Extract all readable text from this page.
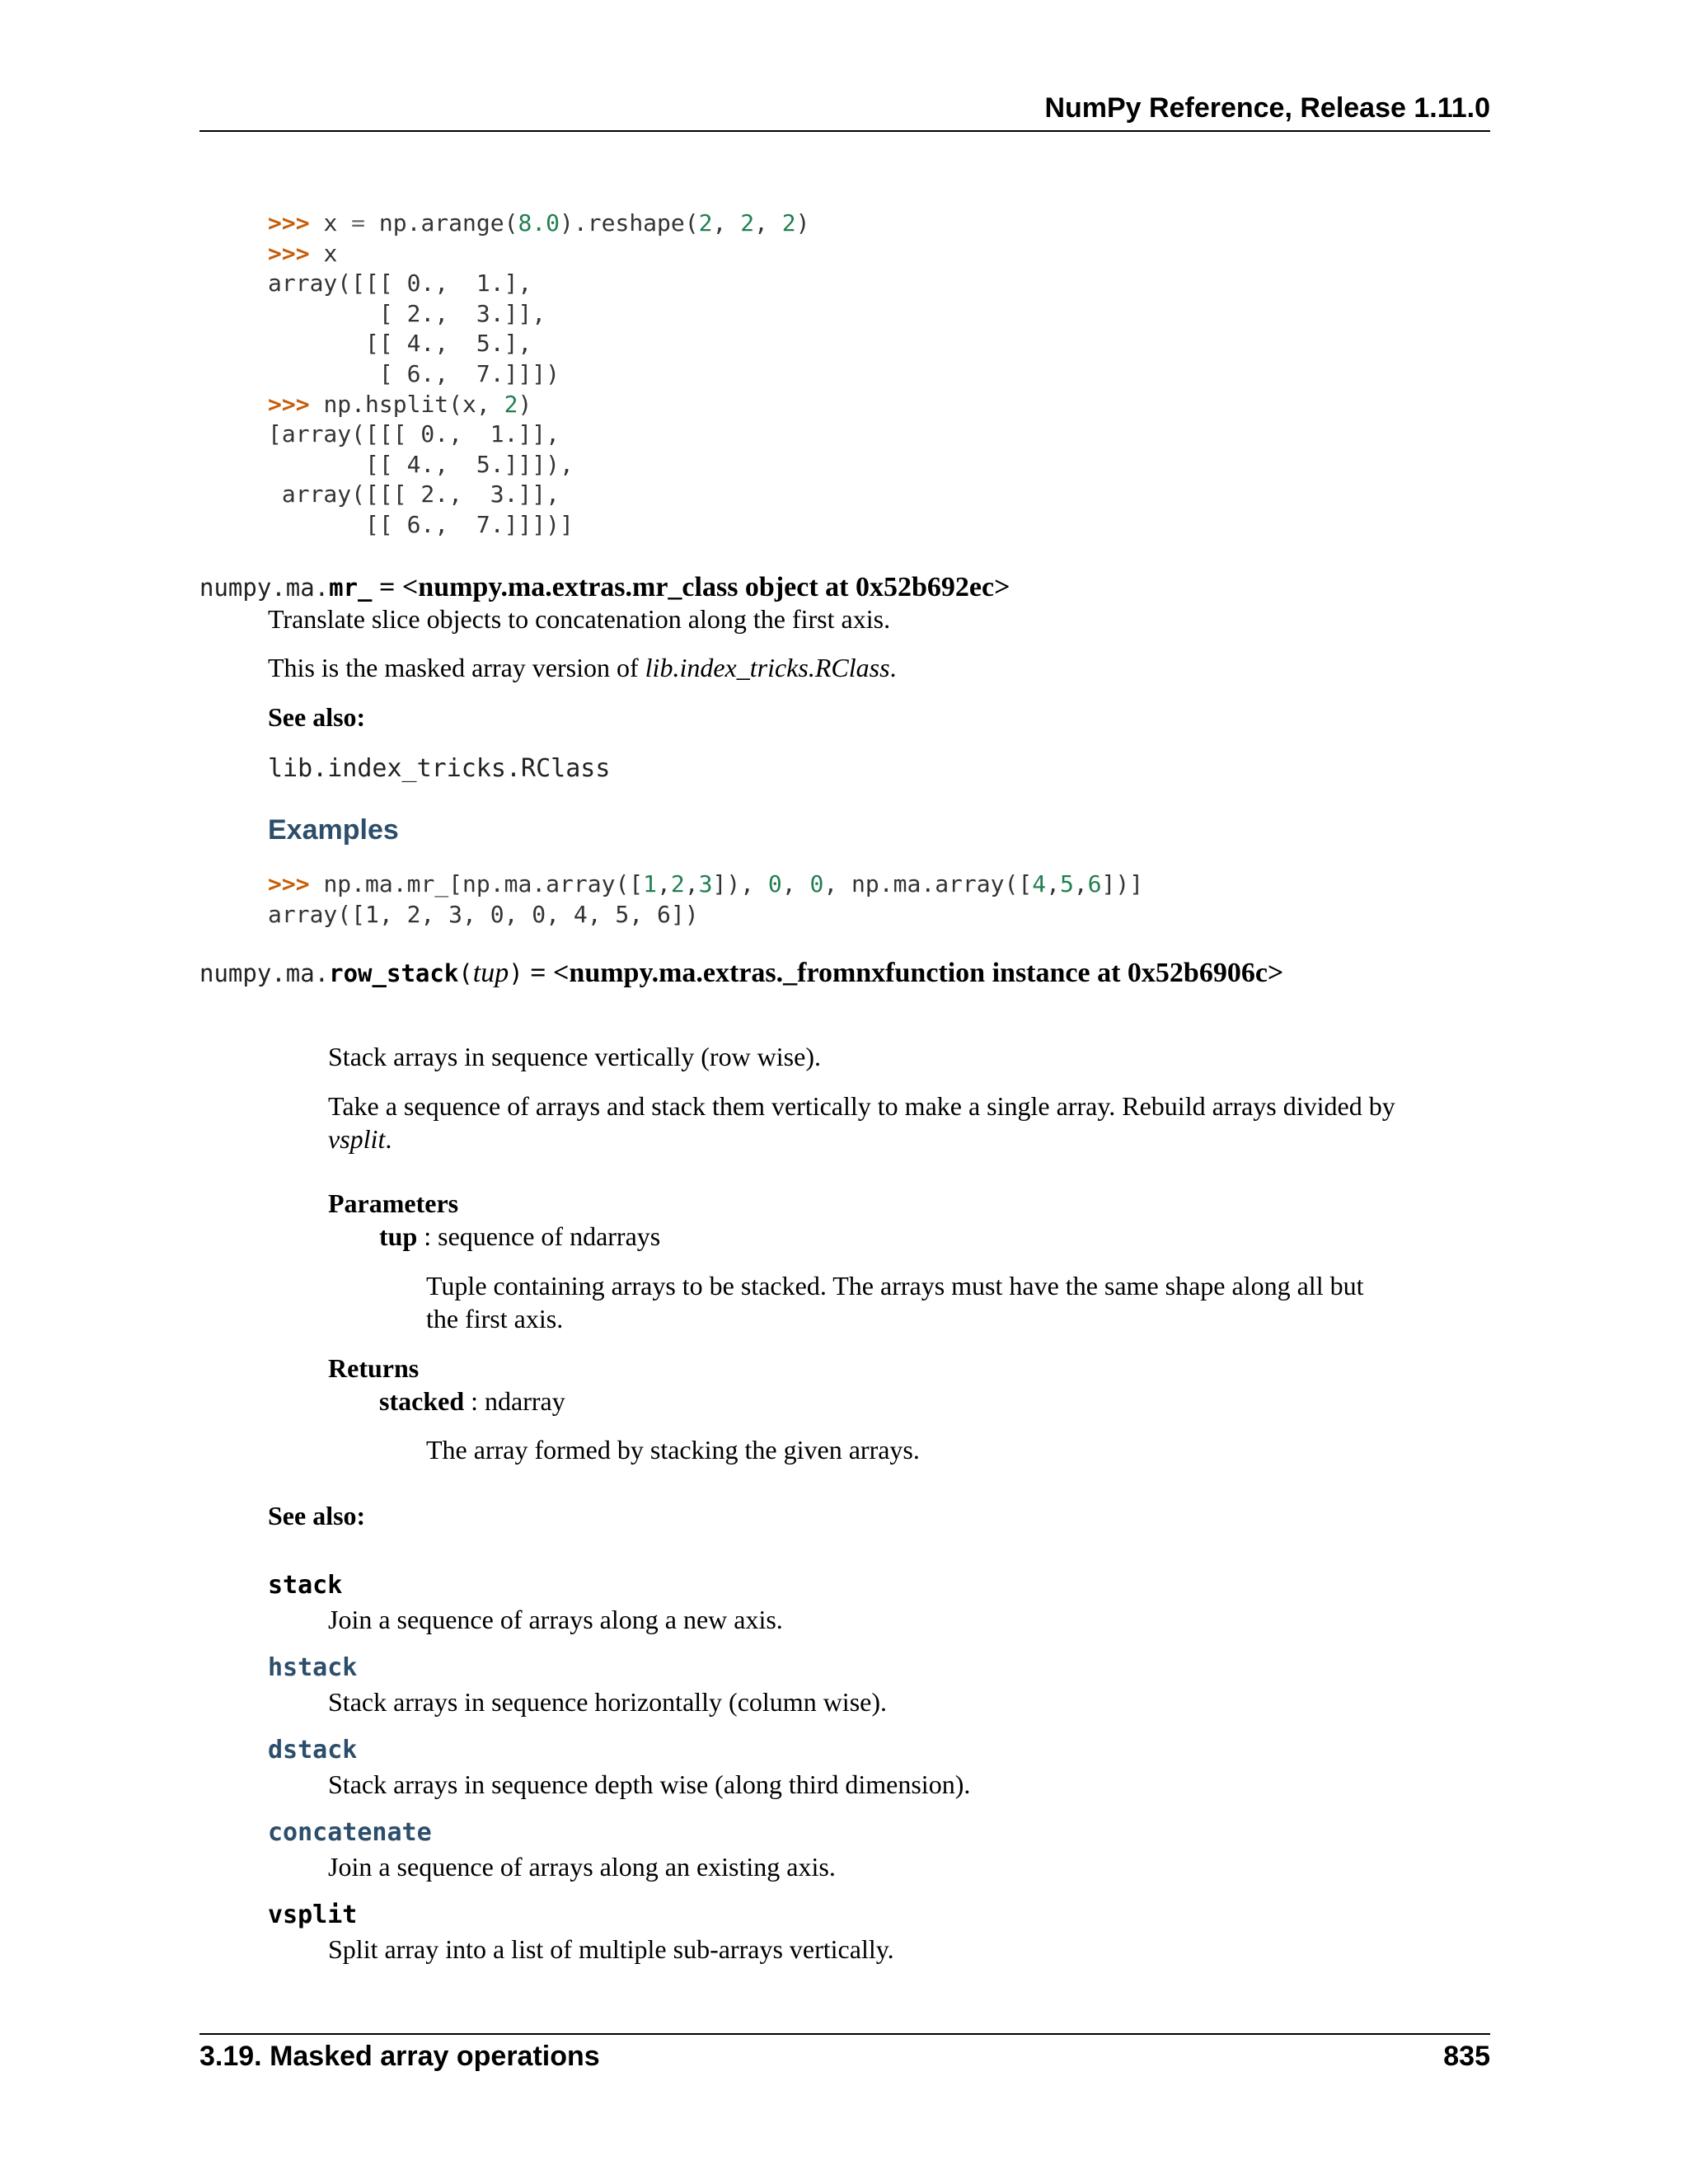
NumPy Reference, Release 1.11.0
>>> x = np.arange(8.0).reshape(2, 2, 2)
>>> x
array([[[ 0.,  1.],
[ 2.,  3.]],
[[ 4.,  5.],
[ 6.,  7.]]])
>>> np.hsplit(x, 2)
[array([[[ 0.,  1.]],
[[ 4.,  5.]]]),
array([[[ 2.,  3.]],
[[ 6.,  7.]]])]
numpy.ma.mr_ = <numpy.ma.extras.mr_class object at 0x52b692ec>
Translate slice objects to concatenation along the first axis.
This is the masked array version of lib.index_tricks.RClass.
See also:
lib.index_tricks.RClass
Examples
>>> np.ma.mr_[np.ma.array([1,2,3]), 0, 0, np.ma.array([4,5,6])]
array([1, 2, 3, 0, 0, 4, 5, 6])
numpy.ma.row_stack(tup) = <numpy.ma.extras._fromnxfunction instance at 0x52b6906c>
Stack arrays in sequence vertically (row wise).
Take a sequence of arrays and stack them vertically to make a single array. Rebuild arrays divided by vsplit.
Parameters
tup : sequence of ndarrays
Tuple containing arrays to be stacked. The arrays must have the same shape along all but the first axis.
Returns
stacked : ndarray
The array formed by stacking the given arrays.
See also:
stack
Join a sequence of arrays along a new axis.
hstack
Stack arrays in sequence horizontally (column wise).
dstack
Stack arrays in sequence depth wise (along third dimension).
concatenate
Join a sequence of arrays along an existing axis.
vsplit
Split array into a list of multiple sub-arrays vertically.
3.19. Masked array operations	835
